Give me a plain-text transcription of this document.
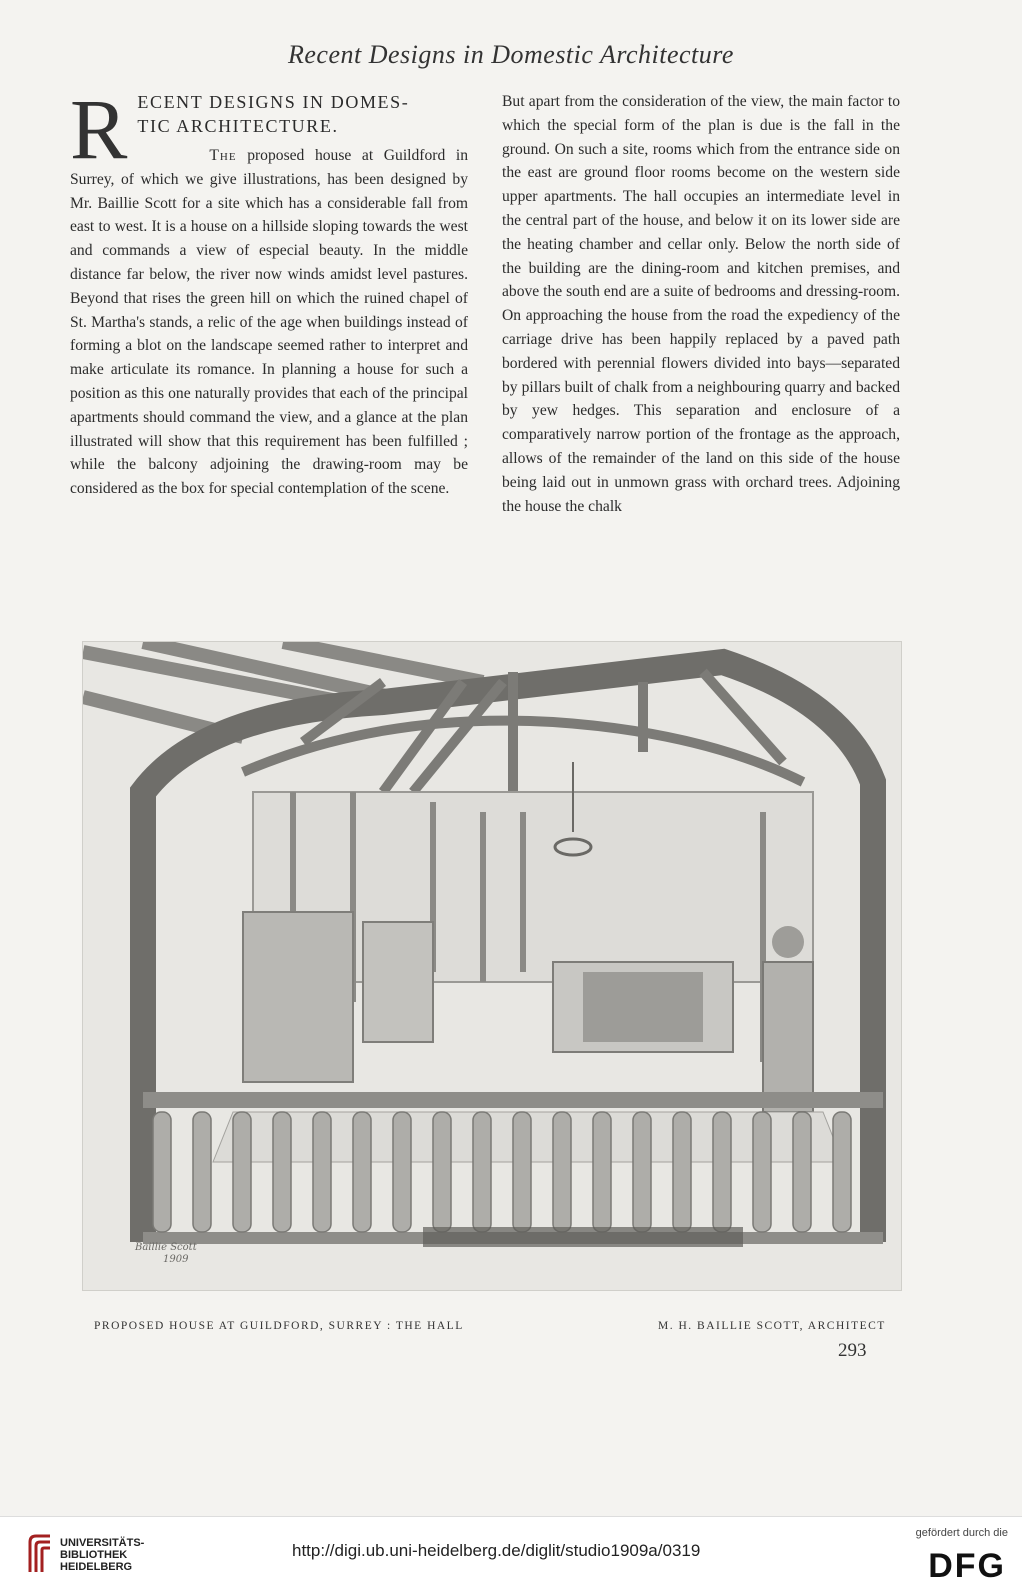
Recent Designs in Domestic Architecture
R ECENT DESIGNS IN DOMES-
TIC ARCHITECTURE.

The proposed house at Guildford in Surrey, of which we give illustrations, has been designed by Mr. Baillie Scott for a site which has a considerable fall from east to west. It is a house on a hillside sloping towards the west and commands a view of especial beauty. In the middle distance far below, the river now winds amidst level pastures. Beyond that rises the green hill on which the ruined chapel of St. Martha's stands, a relic of the age when buildings instead of forming a blot on the landscape seemed rather to interpret and make articulate its romance. In planning a house for such a position as this one naturally provides that each of the principal apartments should command the view, and a glance at the plan illustrated will show that this requirement has been fulfilled ; while the balcony adjoining the drawing-room may be considered as the box for special contemplation of the scene.

But apart from the consideration of the view, the main factor to which the special form of the plan is due is the fall in the ground. On such a site, rooms which from the entrance side on the east are ground floor rooms become on the western side upper apartments. The hall occupies an intermediate level in the central part of the house, and below it on its lower side are the heating chamber and cellar only. Below the north side of the building are the dining-room and kitchen premises, and above the south end are a suite of bedrooms and dressing-room. On approaching the house from the road the expediency of the carriage drive has been happily replaced by a paved path bordered with perennial flowers divided into bays—separated by pillars built of chalk from a neighbouring quarry and backed by yew hedges. This separation and enclosure of a comparatively narrow portion of the frontage as the approach, allows of the remainder of the land on this side of the house being laid out in unmown grass with orchard trees. Adjoining the house the chalk

Baillie Scott
1909
PROPOSED HOUSE AT GUILDFORD, SURREY : THE HALL	M. H. BAILLIE SCOTT, ARCHITECT
293
UNIVERSITÄTS-
BIBLIOTHEK
HEIDELBERG
http://digi.ub.uni-heidelberg.de/diglit/studio1909a/0319
gefördert durch die
DFG
